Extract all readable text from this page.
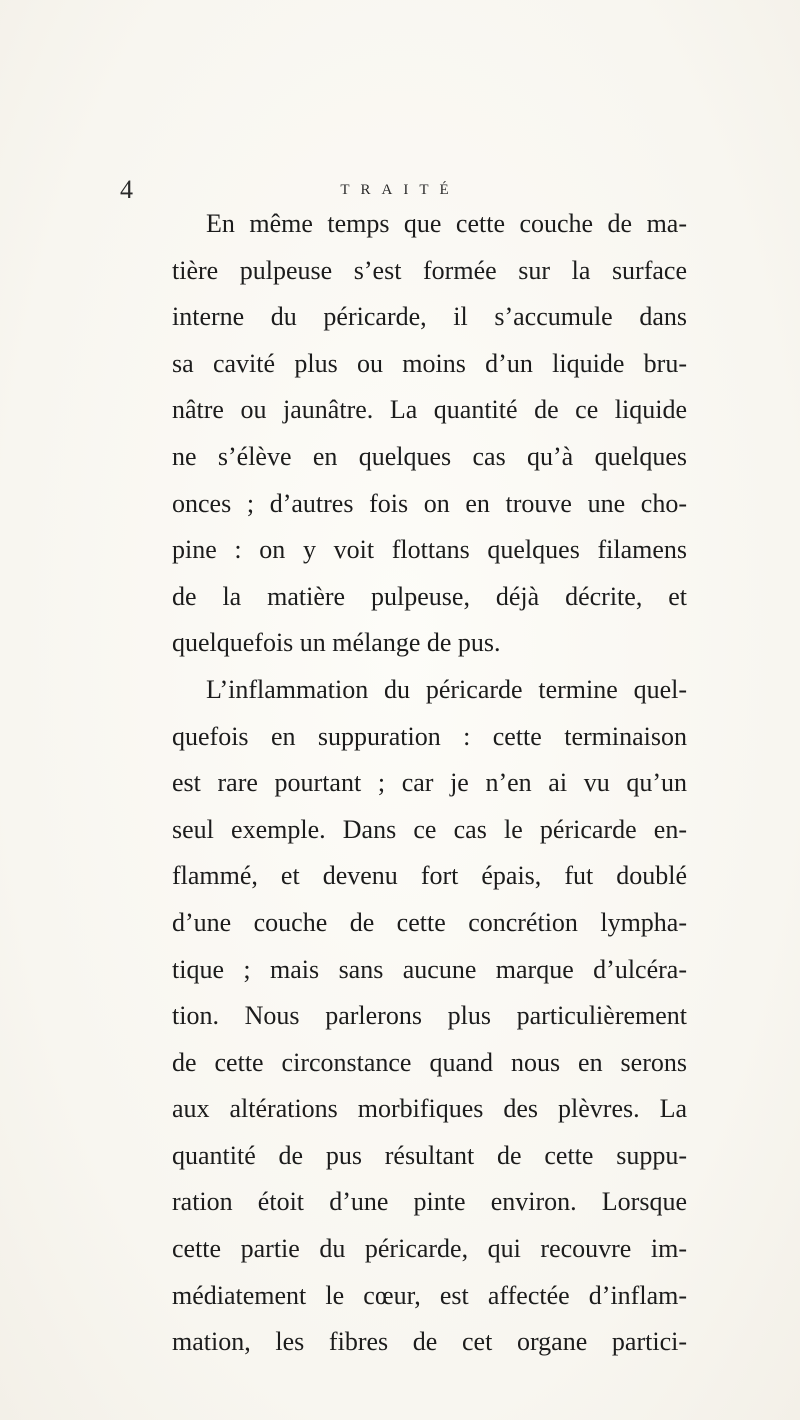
4	TRAITÉ
En même temps que cette couche de ma-
tière pulpeuse s’est formée sur la surface
interne du péricarde, il s’accumule dans
sa cavité plus ou moins d’un liquide bru-
nâtre ou jaunâtre. La quantité de ce liquide
ne s’élève en quelques cas qu’à quelques
onces ; d’autres fois on en trouve une cho-
pine : on y voit flottans quelques filamens
de la matière pulpeuse, déjà décrite, et
quelquefois un mélange de pus.
L’inflammation du péricarde termine quel-
quefois en suppuration : cette terminaison
est rare pourtant ; car je n’en ai vu qu’un
seul exemple. Dans ce cas le péricarde en-
flammé, et devenu fort épais, fut doublé
d’une couche de cette concrétion lympha-
tique ; mais sans aucune marque d’ulcéra-
tion. Nous parlerons plus particulièrement
de cette circonstance quand nous en serons
aux altérations morbifiques des plèvres. La
quantité de pus résultant de cette suppu-
ration étoit d’une pinte environ. Lorsque
cette partie du péricarde, qui recouvre im-
médiatement le cœur, est affectée d’inflam-
mation, les fibres de cet organe partici-
